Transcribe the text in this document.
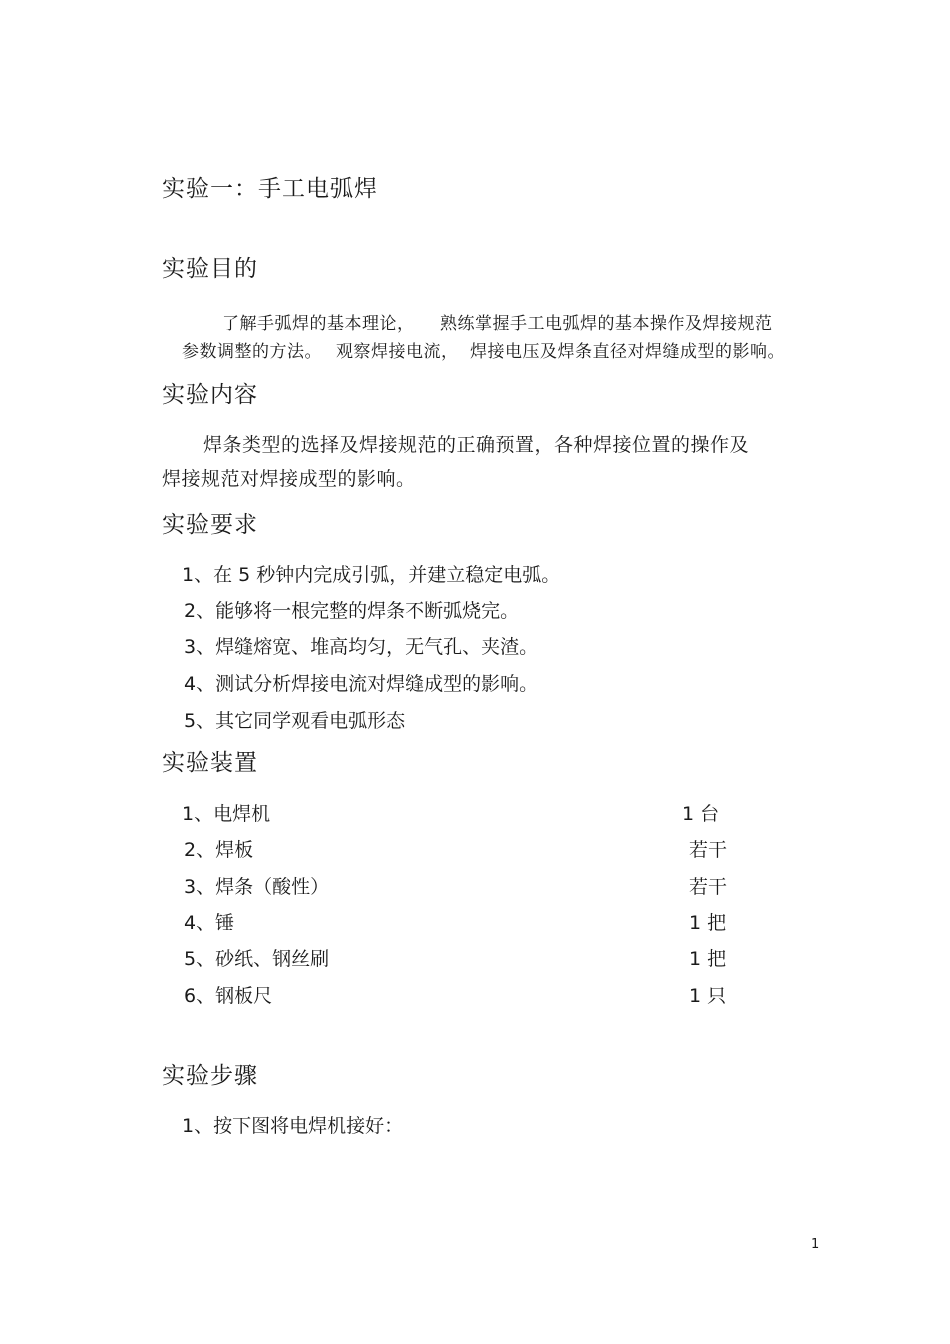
实验一：手工电弧焊
实验目的
了解手弧焊的基本理论， 熟练掌握手工电弧焊的基本操作及焊接规范
参数调整的方法。 观察焊接电流， 焊接电压及焊条直径对焊缝成型的影响。
实验内容
焊条类型的选择及焊接规范的正确预置，各种焊接位置的操作及
焊接规范对焊接成型的影响。
实验要求
1、在 5 秒钟内完成引弧，并建立稳定电弧。
2、能够将一根完整的焊条不断弧烧完。
3、焊缝熔宽、堆高均匀，无气孔、夹渣。
4、测试分析焊接电流对焊缝成型的影响。
5、其它同学观看电弧形态
实验装置
1、电焊机	1 台
2、焊板	若干
3、焊条（酸性）	若干
4、锤	1 把
5、砂纸、钢丝刷	1 把
6、钢板尺	1 只
实验步骤
1、按下图将电焊机接好：
1
